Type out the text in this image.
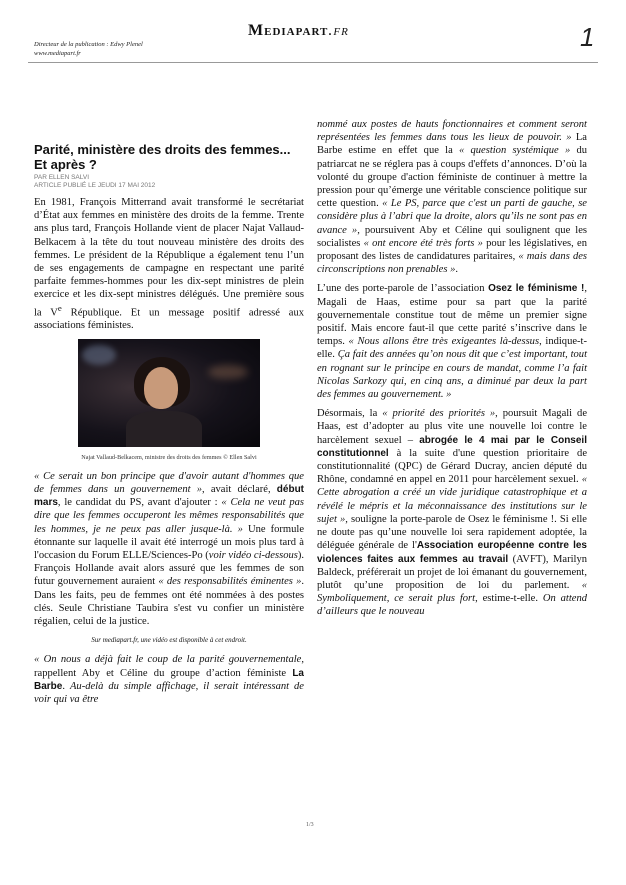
Mediapart.fr	1
Directeur de la publication : Edwy Plenel
www.mediapart.fr
Parité, ministère des droits des femmes... Et après ?
PAR ELLEN SALVI
ARTICLE PUBLIÉ LE JEUDI 17 MAI 2012

En 1981, François Mitterrand avait transformé le secrétariat d’État aux femmes en ministère des droits de la femme. Trente ans plus tard, François Hollande vient de placer Najat Vallaud-Belkacem à la tête du tout nouveau ministère des droits des femmes. Le président de la République a également tenu l’un de ses engagements de campagne en respectant une parité parfaite femmes-hommes pour les dix-sept ministres de plein exercice et les dix-sept ministres délégués. Une première sous la Ve République. Et un message positif adressé aux associations féministes.

Najat Vallaud-Belkacem, ministre des droits des femmes © Ellen Salvi

« Ce serait un bon principe que d'avoir autant d'hommes que de femmes dans un gouvernement », avait déclaré, début mars, le candidat du PS, avant d'ajouter : « Cela ne veut pas dire que les femmes occuperont les mêmes responsabilités que les hommes, je ne peux pas aller jusque-là. » Une formule étonnante sur laquelle il avait été interrogé un mois plus tard à l'occasion du Forum ELLE/Sciences-Po (voir vidéo ci-dessous). François Hollande avait alors assuré que les femmes de son futur gouvernement auraient « des responsabilités éminentes ». Dans les faits, peu de femmes ont été nommées à des postes clés. Seule Christiane Taubira s'est vu confier un ministère régalien, celui de la justice.

Sur mediapart.fr, une vidéo est disponible à cet endroit.

« On nous a déjà fait le coup de la parité gouvernementale, rappellent Aby et Céline du groupe d’action féministe La Barbe. Au-delà du simple affichage, il serait intéressant de voir qui va être

nommé aux postes de hauts fonctionnaires et comment seront représentées les femmes dans tous les lieux de pouvoir. » La Barbe estime en effet que la « question systémique » du patriarcat ne se réglera pas à coups d'effets d’annonces. D’où la volonté du groupe d'action féministe de continuer à mettre la pression pour qu’émerge une véritable conscience politique sur cette question. « Le PS, parce que c'est un parti de gauche, se considère plus à l’abri que la droite, alors qu’ils ne sont pas en avance », poursuivent Aby et Céline qui soulignent que les socialistes « ont encore été très forts » pour les législatives, en proposant des listes de candidatures paritaires, « mais dans des circonscriptions non prenables ».

L’une des porte-parole de l’association Osez le féminisme !, Magali de Haas, estime pour sa part que la parité gouvernementale constitue tout de même un premier signe positif. Mais encore faut-il que cette parité s’inscrive dans le temps. « Nous allons être très exigeantes là-dessus, indique-t-elle. Ça fait des années qu’on nous dit que c’est important, tout en rognant sur le principe en cours de mandat, comme l’a fait Nicolas Sarkozy qui, en cinq ans, a diminué par deux la part des femmes au gouvernement. »

Désormais, la « priorité des priorités », poursuit Magali de Haas, est d’adopter au plus vite une nouvelle loi contre le harcèlement sexuel – abrogée le 4 mai par le Conseil constitutionnel à la suite d'une question prioritaire de constitutionnalité (QPC) de Gérard Ducray, ancien député du Rhône, condamné en appel en 2011 pour harcèlement sexuel. « Cette abrogation a créé un vide juridique catastrophique et a révélé le mépris et la méconnaissance des institutions sur le sujet », souligne la porte-parole de Osez le féminisme !. Si elle ne doute pas qu’une nouvelle loi sera rapidement adoptée, la déléguée générale de l'Association européenne contre les violences faites aux femmes au travail (AVFT), Marilyn Baldeck, préférerait un projet de loi émanant du gouvernement, plutôt qu’une proposition de loi du parlement. « Symboliquement, ce serait plus fort, estime-t-elle. On attend d’ailleurs que le nouveau

1/3
